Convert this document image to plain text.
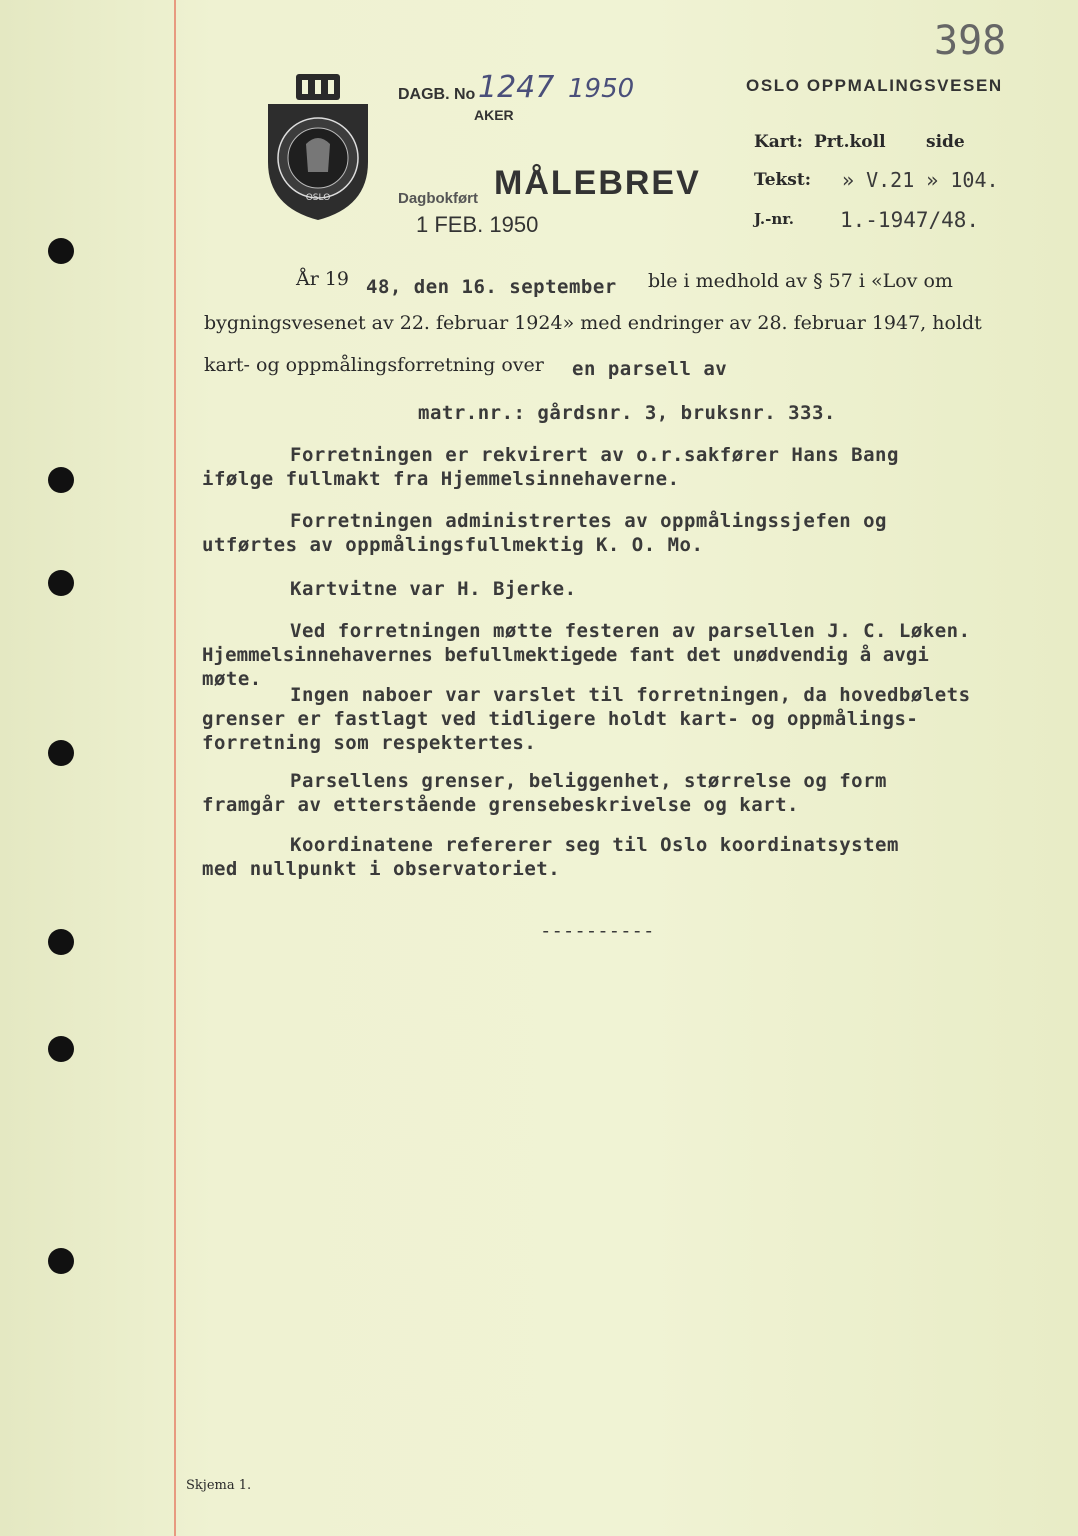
398
OSLO
DAGB. No 1247 1950
AKER
OSLO OPPMALINGSVESEN
MÅLEBREV
Dagbokført
1 FEB. 1950
Kart: Prt.koll side
Tekst: » V.21 » 104.
J.-nr. 1.-1947/48.
År 19 48, den 16. september ble i medhold av § 57 i «Lov om
bygningsvesenet av 22. februar 1924» med endringer av 28. februar 1947, holdt
kart- og oppmålingsforretning over en parsell av
matr.nr.: gårdsnr. 3, bruksnr. 333.
Forretningen er rekvirert av o.r.sakfører Hans Bang
ifølge fullmakt fra Hjemmelsinnehaverne.
Forretningen administrertes av oppmålingssjefen og
utførtes av oppmålingsfullmektig K. O. Mo.
Kartvitne var H. Bjerke.
Ved forretningen møtte festeren av parsellen J. C. Løken.
Hjemmelsinnehavernes befullmektigede fant det unødvendig å avgi
møte.
Ingen naboer var varslet til forretningen, da hovedbølets
grenser er fastlagt ved tidligere holdt kart- og oppmålings-
forretning som respektertes.
Parsellens grenser, beliggenhet, størrelse og form
framgår av etterstående grensebeskrivelse og kart.
Koordinatene refererer seg til Oslo koordinatsystem
med nullpunkt i observatoriet.
----------
Skjema 1.
